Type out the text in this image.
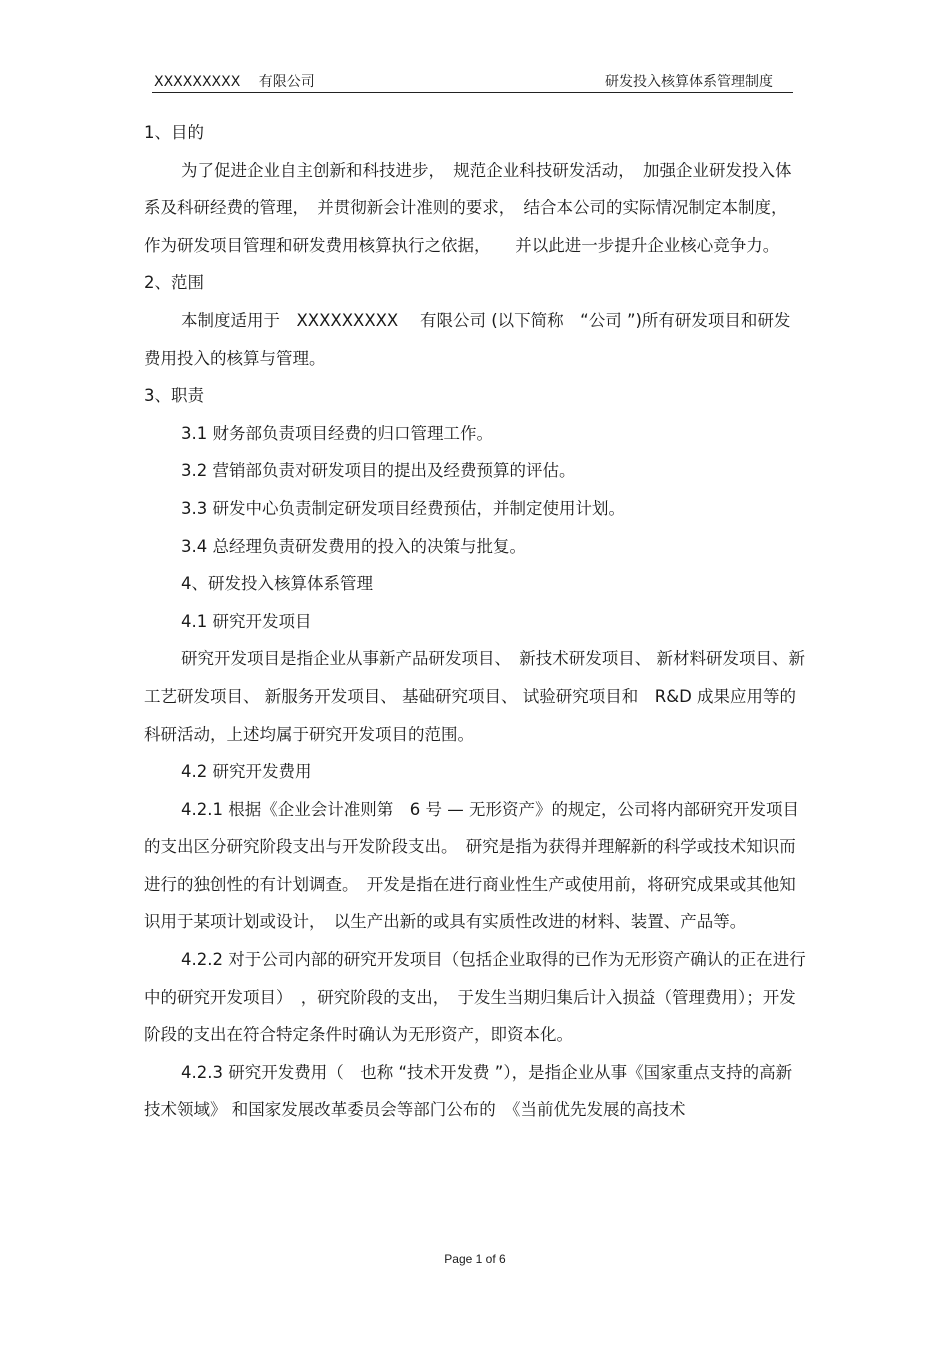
XXXXXXXXX　 有限公司	研发投入核算体系管理制度

1、目的

为了促进企业自主创新和科技进步，　规范企业科技研发活动，　加强企业研发投入体系及科研经费的管理，　并贯彻新会计准则的要求，　结合本公司的实际情况制定本制度，　作为研发项目管理和研发费用核算执行之依据，　　并以此进一步提升企业核心竞争力。

2、范围

本制度适用于　XXXXXXXXX　 有限公司 (以下简称　“公司 ”)所有研发项目和研发费用投入的核算与管理。

3、职责

3.1 财务部负责项目经费的归口管理工作。

3.2 营销部负责对研发项目的提出及经费预算的评估。

3.3 研发中心负责制定研发项目经费预估，并制定使用计划。

3.4 总经理负责研发费用的投入的决策与批复。

4、研发投入核算体系管理

4.1 研究开发项目

研究开发项目是指企业从事新产品研发项目、　新技术研发项目、 新材料研发项目、新工艺研发项目、 新服务开发项目、 基础研究项目、 试验研究项目和　R&D 成果应用等的科研活动，上述均属于研究开发项目的范围。

4.2 研究开发费用

4.2.1 根据《企业会计准则第　6 号 — 无形资产》的规定，公司将内部研究开发项目的支出区分研究阶段支出与开发阶段支出。　研究是指为获得并理解新的科学或技术知识而进行的独创性的有计划调查。　开发是指在进行商业性生产或使用前，将研究成果或其他知识用于某项计划或设计，　以生产出新的或具有实质性改进的材料、装置、产品等。

4.2.2 对于公司内部的研究开发项目（包括企业取得的已作为无形资产确认的正在进行中的研究开发项目）　，研究阶段的支出，　于发生当期归集后计入损益（管理费用）；开发阶段的支出在符合特定条件时确认为无形资产，即资本化。

4.2.3 研究开发费用（　也称 “技术开发费 ”），是指企业从事《国家重点支持的高新技术领域》 和国家发展改革委员会等部门公布的　《当前优先发展的高技术

Page 1 of 6
